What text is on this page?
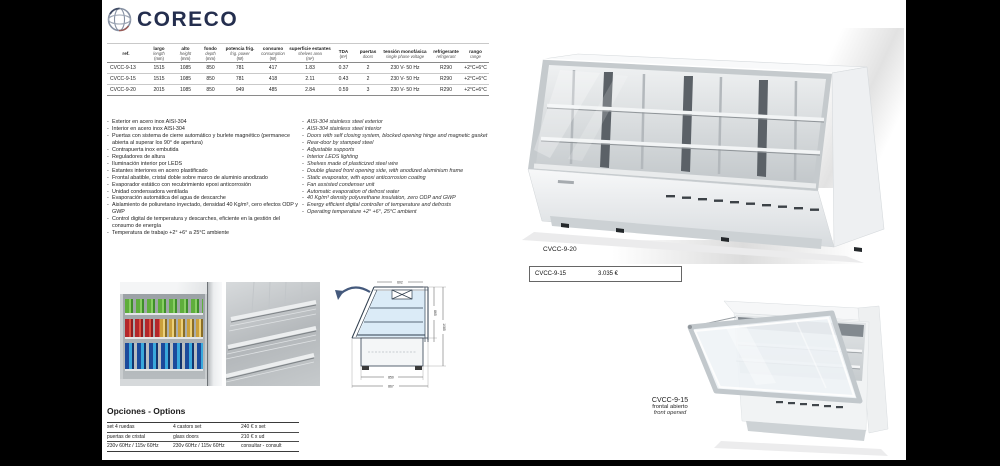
CORECO
ref.

largo
length
(mm)

alto
height
(mm)

fondo
depth
(mm)

potencia frig.
frig. power
(W)

consumo
consumption
(W)

superficie estantes
shelves area
(m²)

TDA
(m²)

puertas
doors

tensión monofásica
single phase voltage

refrigerante
refrigerant

rango
range

CVCC-9-13	1515	1085	850	781	417	1.83	0.37	2	230 V- 50 Hz	R290	+2°C+6°C
CVCC-9-15	1515	1085	850	781	418	2.11	0.43	2	230 V- 50 Hz	R290	+2°C+6°C
CVCC-9-20	2015	1085	850	949	485	2.84	0.59	3	230 V- 50 Hz	R290	+2°C+6°C
- Exterior en acero inox AISI-304
- Interior en acero inox AISI-304
- Puertas con sistema de cierre automático y burlete magnético (permanece abierta al superar los 90° de apertura)
- Contrapuerta inox embutida
- Reguladores de altura
- Iluminación interior por LEDS
- Estantes interiores en acero plastificado
- Frontal abatible, cristal doble sobre marco de aluminio anodizado
- Evaporador estático con recubrimiento epoxi anticorrosión
- Unidad condensadora ventilada
- Evaporación automática del agua de descarche
- Aislamiento de poliuretano inyectado, densidad 40 Kg/m³, cero efectos ODP y GWP
- Control digital de temperatura y descarches, eficiente en la gestión del consumo de energía
- Temperatura de trabajo +2° +6° a 25°C ambiente
- AISI-304 stainless steel exterior
- AISI-304 stainless steel interior
- Doors with self closing system, blocked opening hinge and magnetic gasket
- Rear-door by stamped steel
- Adjustable supports
- Interior LEDS lighting
- Shelves made of plasticized steel wire
- Double glazed front opening side, with anodized aluminium frame
- Static evaporator, with epoxi anticorrosion coating
- Fan assisted condenser unit
- Automatic evaporation of defrost water
- 40 Kg/m³ density polyurethane insulation, zero ODP and GWP
- Energy efficient digital controller of temperature and defrosts
- Operating temperature +2° +6°, 25°C ambient
CVCC-9-20
CVCC-9-15	3.035 €
602
865
1085
850
867
Opciones - Options
set 4 ruedas	4 castors set	240 € x set
puertas de cristal	glass doors	210 € x ud
230v 60Hz / 115v 60Hz	230v 60Hz / 115v 60Hz	consultar - consult
CVCC-9-15
frontal abierto
front opened
